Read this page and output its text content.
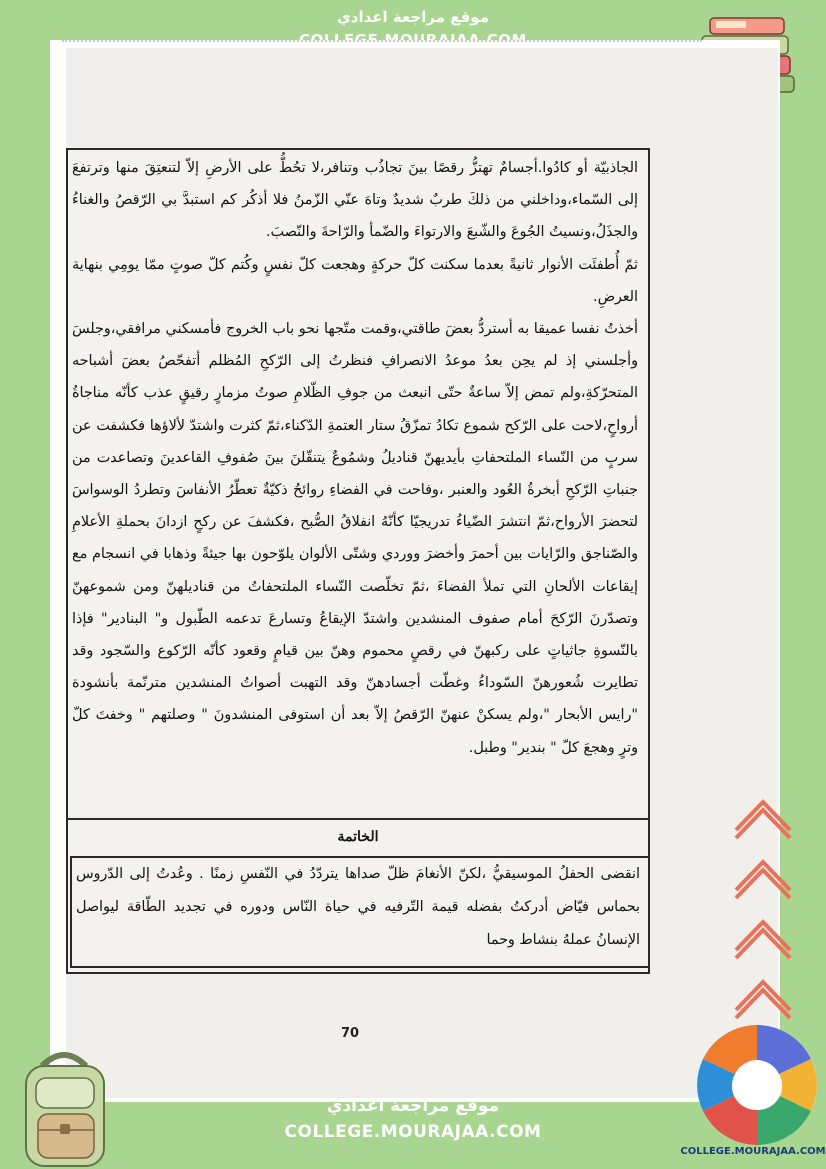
موقع مراجعة اعدادي

الجاذبيّة أو كادُوا.أجسامٌ تهتزُّ رقصًا بينَ تجاذُب وتنافر،لا تحُطُّ على الأرضِ إلاّ لتنعتِقَ منها وترتفعَ إلى السّماء،وداخلني من ذلكَ طربٌ شديدٌ وتاهَ عنّي الزّمنُ فلا أذكُر كم استبدَّ بي الرّقصُ والغناءُ والجذَلُ،ونسيتُ الجُوعَ والشّبعَ والارتواءَ والضّمأ والرّاحةَ والنّصبَ.

ثمّ أُطفئَت الأنوار ثانيةً بعدما سكنت كلّ حركةٍ وهجعت كلّ نفسٍ وكُتم كلّ صوتٍ ممّا يومِي بنهاية العرضِ.

أخذتُ نفسا عميقا به أستردُّ بعضَ طاقتي،وقمت متّجها نحو باب الخروج فأمسكني مرافقي،وجلسَ وأجلسني إذ لم يحِن بعدُ موعدُ الانصرافِ فنظرتُ إلى الرّكحِ المُظلم أتفحّصُ بعضَ أشباحه المتحرّكةِ،ولم تمض إلاّ ساعةٌ حتّى انبعث من جوفِ الظّلامِ صوتُ مزمارٍ رقيقٍ عذب كأنّه مناجاةُ أرواحٍ،لاحت على الرّكح شموع تكادُ تمزّقُ ستار العتمةِ الدّكناء،ثمّ كثرت واشتدّ لألاؤها فكشفت عن سربٍ من النّساء الملتحفاتِ بأيديهنّ قناديلُ وشمُوعٌ يتنقّلنَ بينَ صُفوفِ القاعدينَ وتصاعدت من جنباتِ الرّكحِ أبخرةُ العُود والعنبر ،وفاحت في الفضاءِ روائحُ ذكيّةٌ تعطّرُ الأنفاسَ وتطردُ الوسواسَ لتحضرَ الأرواح،ثمّ انتشرَ الضّياءُ تدريجيّا كأنّهُ انفلاقُ الصُّبح ،فكشفَ عن ركحٍ ازدانَ بحملةِ الأعلامِ والصّناجق والرّايات بين أحمرَ وأخضرَ ووردي وشتّى الألوان يلوّحون بها جيئةً وذهابا في انسجام مع إيقاعات الألحانِ التي تملأ الفضاءَ ،ثمّ تخلّصت النّساء الملتحفاتُ من قناديلهنّ ومن شموعهنّ وتصدّرنَ الرّكحَ أمام صفوف المنشدين واشتدّ الإيقاعُ وتسارعَ تدعمه الطّبول و" البنادير" فإذا بالنّسوةِ جاثياتٍ على ركبهنّ في رقصٍ محموم وهنّ بين قيامٍ وقعود كأنّه الرّكوع والسّجود وقد تطايرت شُعورهنّ السّوداءُ وغطّت أجسادهنّ وقد التهبت أصواتُ المنشدين مترنّمة بأنشودة "رايس الأبحار "،ولم يسكنْ عنهنّ الرّقصُ إلاّ بعد أن استوفى المنشدونَ " وصلتهم " وخفتَ كلّ وترٍ وهجعَ كلّ " بندير" وطبل.

الخاتمة
انقضى الحفلُ الموسيقيُّ ،لكنّ الأنغامَ ظلّ صداها يتردّدُ في النّفسِ زمنًا . وعُدتُ إلى الدّروس بحماس فيّاض أدركتُ بفضله قيمة التّرفيه في حياة النّاس ودوره في تجديد الطّاقة ليواصل الإنسانُ عملهُ بنشاط وحما
70
موقع مراجعة اعدادي
COLLEGE.MOURAJAA.COM
COLLEGE.MOURAJAA.COM
